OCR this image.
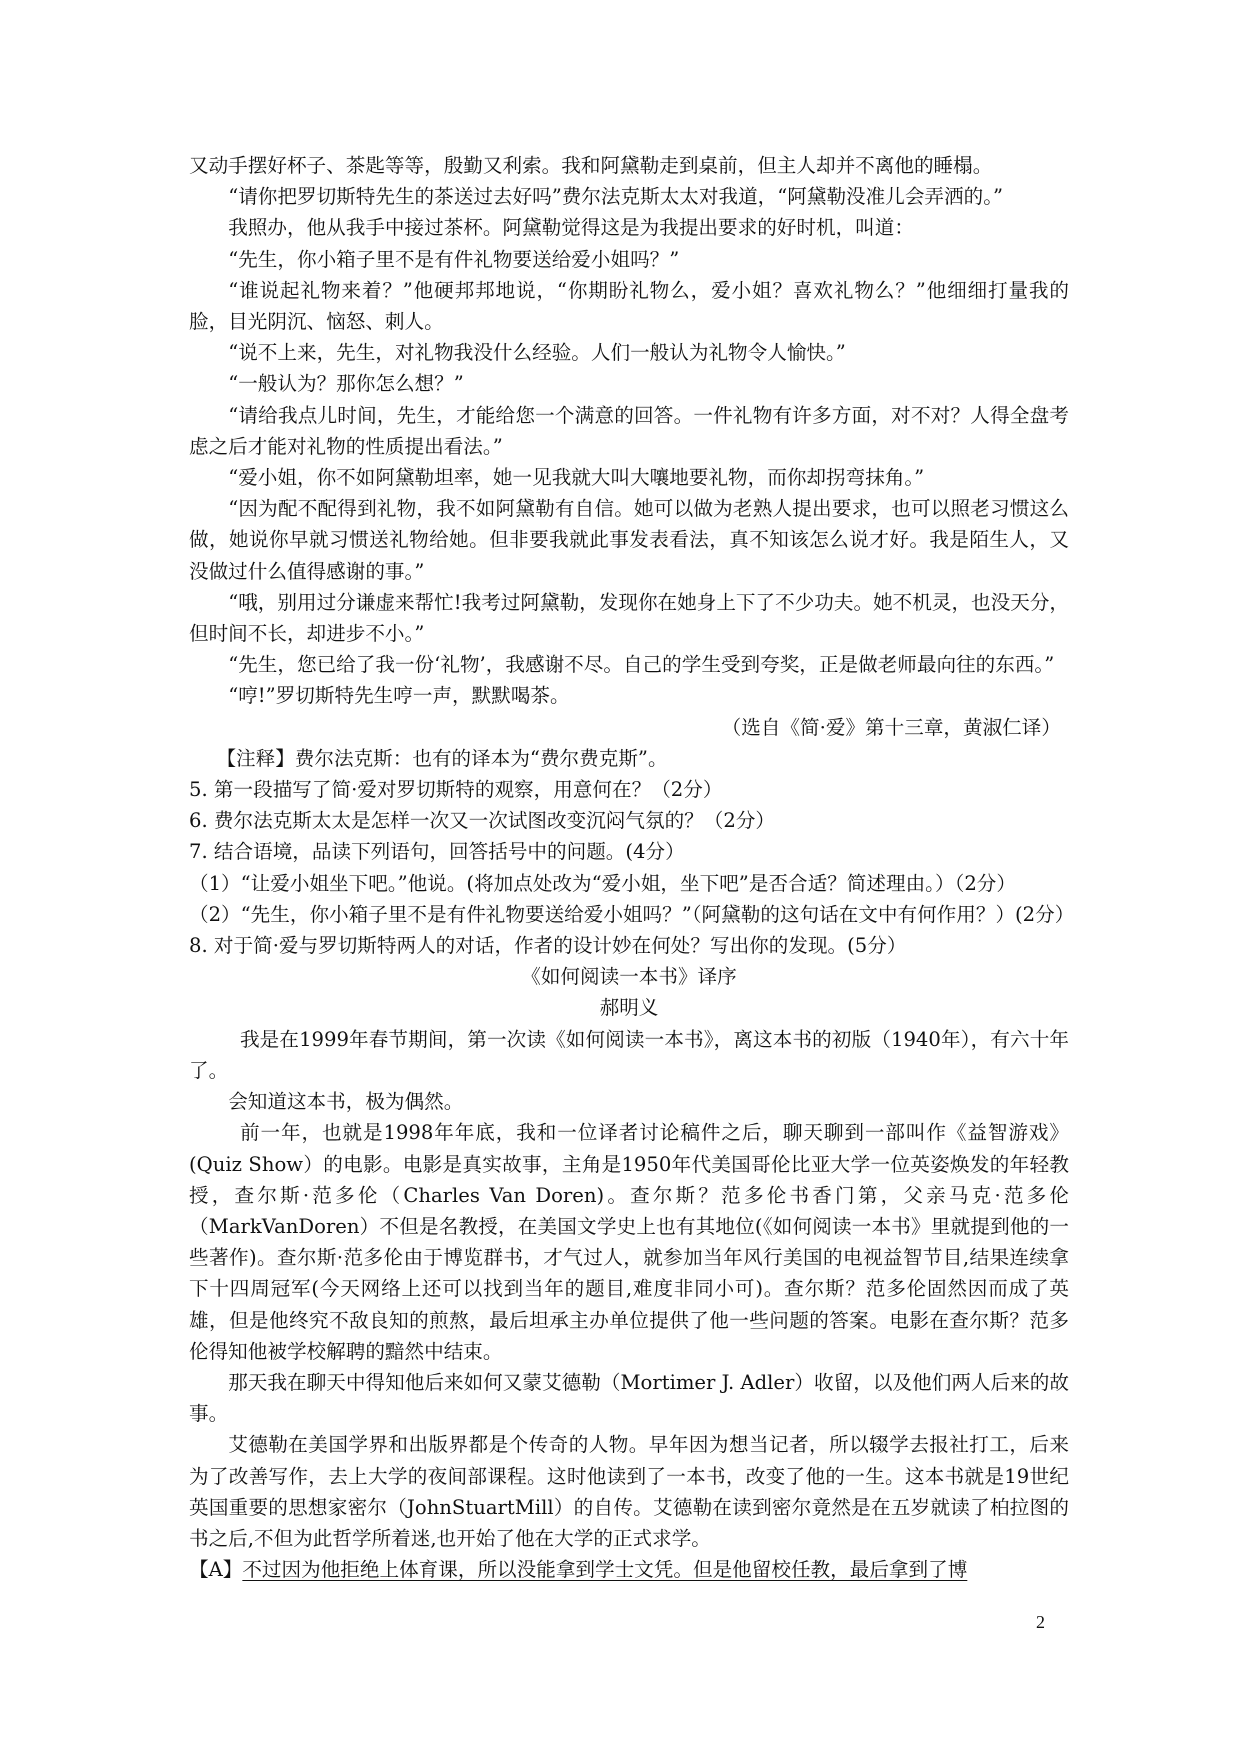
又动手摆好杯子、茶匙等等，殷勤又利索。我和阿黛勒走到桌前，但主人却并不离他的睡榻。

“请你把罗切斯特先生的茶送过去好吗”费尔法克斯太太对我道，“阿黛勒没准儿会弄洒的。”

我照办，他从我手中接过茶杯。阿黛勒觉得这是为我提出要求的好时机，叫道：

“先生，你小箱子里不是有件礼物要送给爱小姐吗？”

“谁说起礼物来着？”他硬邦邦地说，“你期盼礼物么，爱小姐？喜欢礼物么？”他细细打量我的脸，目光阴沉、恼怒、刺人。

“说不上来，先生，对礼物我没什么经验。人们一般认为礼物令人愉快。”

“一般认为？那你怎么想？”

“请给我点儿时间，先生，才能给您一个满意的回答。一件礼物有许多方面，对不对？人得全盘考虑之后才能对礼物的性质提出看法。”

“爱小姐，你不如阿黛勒坦率，她一见我就大叫大嚷地要礼物，而你却拐弯抹角。”

“因为配不配得到礼物，我不如阿黛勒有自信。她可以做为老熟人提出要求，也可以照老习惯这么做，她说你早就习惯送礼物给她。但非要我就此事发表看法，真不知该怎么说才好。我是陌生人，又没做过什么值得感谢的事。”

“哦，别用过分谦虚来帮忙!我考过阿黛勒，发现你在她身上下了不少功夫。她不机灵，也没天分，但时间不长，却进步不小。”

“先生，您已给了我一份‘礼物’，我感谢不尽。自己的学生受到夸奖，正是做老师最向往的东西。”

“哼!”罗切斯特先生哼一声，默默喝茶。

（选自《简·爱》第十三章，黄淑仁译）

【注释】费尔法克斯：也有的译本为“费尔费克斯”。

5. 第一段描写了简·爱对罗切斯特的观察，用意何在？（2分）

6. 费尔法克斯太太是怎样一次又一次试图改变沉闷气氛的？（2分）

7. 结合语境，品读下列语句，回答括号中的问题。(4分）

（1）“让爱小姐坐下吧。”他说。(将加点处改为“爱小姐，坐下吧”是否合适？简述理由。）（2分）

（2）“先生，你小箱子里不是有件礼物要送给爱小姐吗？”（阿黛勒的这句话在文中有何作用？）(2分）

8. 对于简·爱与罗切斯特两人的对话，作者的设计妙在何处？写出你的发现。(5分）

《如何阅读一本书》译序

郝明义

我是在1999年春节期间，第一次读《如何阅读一本书》，离这本书的初版（1940年），有六十年了。

会知道这本书，极为偶然。

前一年，也就是1998年年底，我和一位译者讨论稿件之后，聊天聊到一部叫作《益智游戏》(Quiz Show）的电影。电影是真实故事，主角是1950年代美国哥伦比亚大学一位英姿焕发的年轻教授，查尔斯·范多伦（Charles Van Doren)。查尔斯？范多伦书香门第，父亲马克·范多伦（MarkVanDoren）不但是名教授，在美国文学史上也有其地位(《如何阅读一本书》里就提到他的一些著作)。查尔斯·范多伦由于博览群书，才气过人，就参加当年风行美国的电视益智节目,结果连续拿下十四周冠军(今天网络上还可以找到当年的题目,难度非同小可)。查尔斯？范多伦固然因而成了英雄，但是他终究不敌良知的煎熬，最后坦承主办单位提供了他一些问题的答案。电影在查尔斯？范多伦得知他被学校解聘的黯然中结束。

那天我在聊天中得知他后来如何又蒙艾德勒（Mortimer J. Adler）收留，以及他们两人后来的故事。

艾德勒在美国学界和出版界都是个传奇的人物。早年因为想当记者，所以辍学去报社打工，后来为了改善写作，去上大学的夜间部课程。这时他读到了一本书，改变了他的一生。这本书就是19世纪英国重要的思想家密尔（JohnStuartMill）的自传。艾德勒在读到密尔竟然是在五岁就读了柏拉图的书之后,不但为此哲学所着迷,也开始了他在大学的正式求学。

【A】不过因为他拒绝上体育课，所以没能拿到学士文凭。但是他留校任教，最后拿到了博

2
